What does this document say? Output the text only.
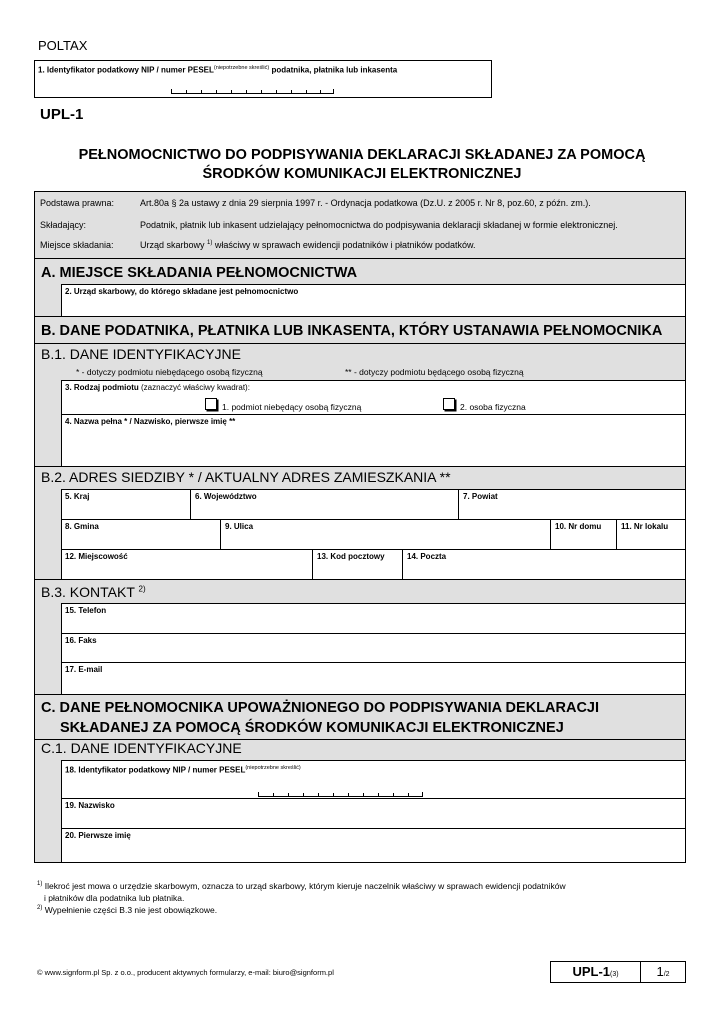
POLTAX
1. Identyfikator podatkowy NIP / numer $PESEL^{(niepotrzebne skreślić)}$ podatnika, płatnika lub inkasenta
UPL-1
PEŁNOMOCNICTWO DO PODPISYWANIA DEKLARACJI SKŁADANEJ ZA POMOCĄ
ŚRODKÓW KOMUNIKACJI ELEKTRONICZNEJ
Podstawa prawna:	Art.80a § 2a ustawy z dnia 29 sierpnia 1997 r. - Ordynacja podatkowa (Dz.U. z 2005 r. Nr 8, poz.60, z późn. zm.).
Składający:	Podatnik, płatnik lub inkasent udzielający pełnomocnictwa do podpisywania deklaracji składanej w formie elektronicznej.
Miejsce składania:	Urząd skarbowy $^{1)}$ właściwy w sprawach ewidencji podatników i płatników podatków.
A. MIEJSCE SKŁADANIA PEŁNOMOCNICTWA
2. Urząd skarbowy, do którego składane jest pełnomocnictwo
B. DANE PODATNIKA, PŁATNIKA LUB INKASENTA, KTÓRY USTANAWIA PEŁNOMOCNIKA
B.1. DANE IDENTYFIKACYJNE
* - dotyczy podmiotu niebędącego osobą fizyczną	** - dotyczy podmiotu będącego osobą fizyczną
3. Rodzaj podmiotu (zaznaczyć właściwy kwadrat):
1. podmiot niebędący osobą fizyczną	2. osoba fizyczna
4. Nazwa pełna * / Nazwisko, pierwsze imię **
B.2. ADRES SIEDZIBY * / AKTUALNY ADRES ZAMIESZKANIA **
5. Kraj	6. Województwo	7. Powiat
8. Gmina	9. Ulica	10. Nr domu 11. Nr lokalu
12. Miejscowość	13. Kod pocztowy	14. Poczta
B.3. KONTAKT $^{2)}$
15. Telefon
16. Faks
17. E-mail
C. DANE PEŁNOMOCNIKA UPOWAŻNIONEGO DO PODPISYWANIA DEKLARACJI
SKŁADANEJ ZA POMOCĄ ŚRODKÓW KOMUNIKACJI ELEKTRONICZNEJ
C.1. DANE IDENTYFIKACYJNE
18. Identyfikator podatkowy NIP / numer $PESEL^{(niepotrzebne skreślić)}$
19. Nazwisko
20. Pierwsze imię
$^{1)}$ Ilekroć jest mowa o urzędzie skarbowym, oznacza to urząd skarbowy, którym kieruje naczelnik właściwy w sprawach ewidencji podatników
i płatników dla podatnika lub płatnika.
$^{2)}$ Wypełnienie części B.3 nie jest obowiązkowe.
© www.signform.pl Sp. z o.o., producent aktywnych formularzy, e-mail: biuro@signform.pl	UPL-1(3)	1/2
